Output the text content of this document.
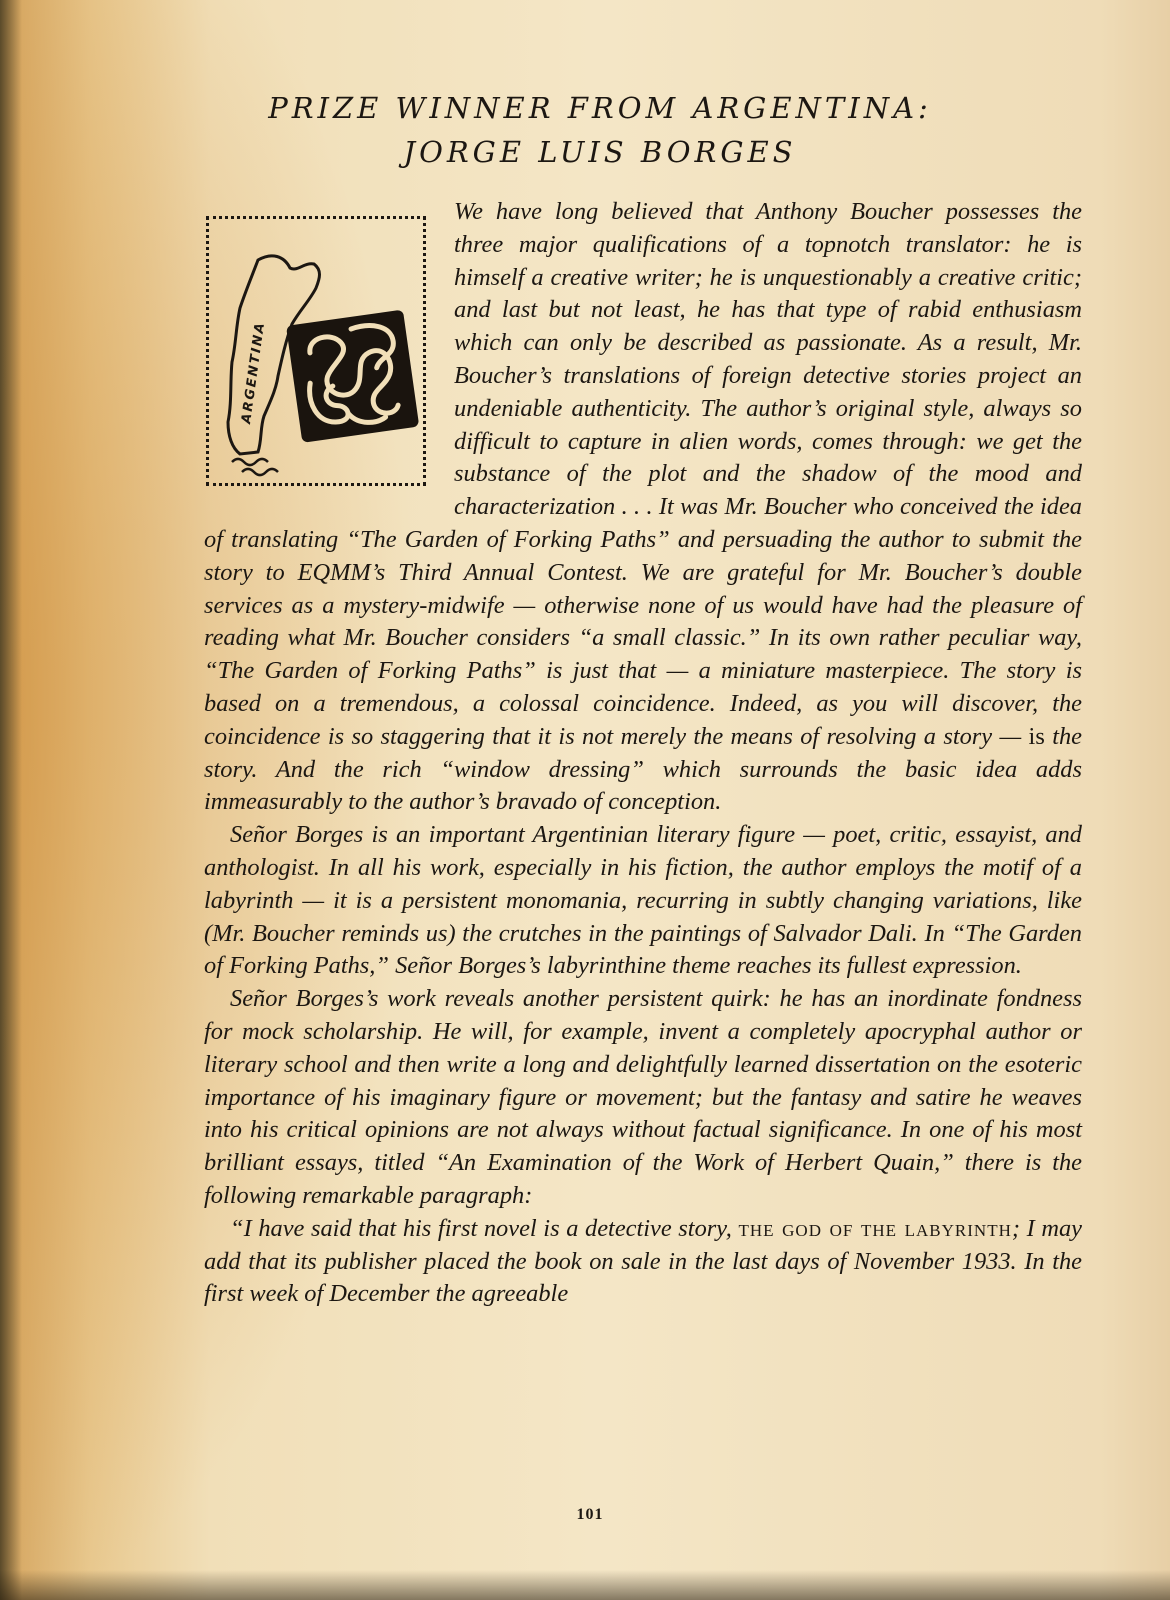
PRIZE WINNER FROM ARGENTINA:
JORGE LUIS BORGES
ARGENTINA

We have long believed that Anthony Boucher possesses the three major qualifications of a topnotch translator: he is himself a creative writer; he is unquestionably a creative critic; and last but not least, he has that type of rabid enthusiasm which can only be described as passionate. As a result, Mr. Boucher’s translations of foreign detective stories project an undeniable authenticity. The author’s original style, always so difficult to capture in alien words, comes through: we get the substance of the plot and the shadow of the mood and characterization . . . It was Mr. Boucher who conceived the idea of translating “The Garden of Forking Paths” and persuading the author to submit the story to EQMM’s Third Annual Contest. We are grateful for Mr. Boucher’s double services as a mystery-midwife — otherwise none of us would have had the pleasure of reading what Mr. Boucher considers “a small classic.” In its own rather peculiar way, “The Garden of Forking Paths” is just that — a miniature masterpiece. The story is based on a tremendous, a colossal coincidence. Indeed, as you will discover, the coincidence is so staggering that it is not merely the means of resolving a story — is the story. And the rich “window dressing” which surrounds the basic idea adds immeasurably to the author’s bravado of conception.

Señor Borges is an important Argentinian literary figure — poet, critic, essayist, and anthologist. In all his work, especially in his fiction, the author employs the motif of a labyrinth — it is a persistent monomania, recurring in subtly changing variations, like (Mr. Boucher reminds us) the crutches in the paintings of Salvador Dali. In “The Garden of Forking Paths,” Señor Borges’s labyrinthine theme reaches its fullest expression.

Señor Borges’s work reveals another persistent quirk: he has an inordinate fondness for mock scholarship. He will, for example, invent a completely apocryphal author or literary school and then write a long and delightfully learned dissertation on the esoteric importance of his imaginary figure or movement; but the fantasy and satire he weaves into his critical opinions are not always without factual significance. In one of his most brilliant essays, titled “An Examination of the Work of Herbert Quain,” there is the following remarkable paragraph:

“I have said that his first novel is a detective story, the god of the labyrinth; I may add that its publisher placed the book on sale in the last days of November 1933. In the first week of December the agreeable

101
